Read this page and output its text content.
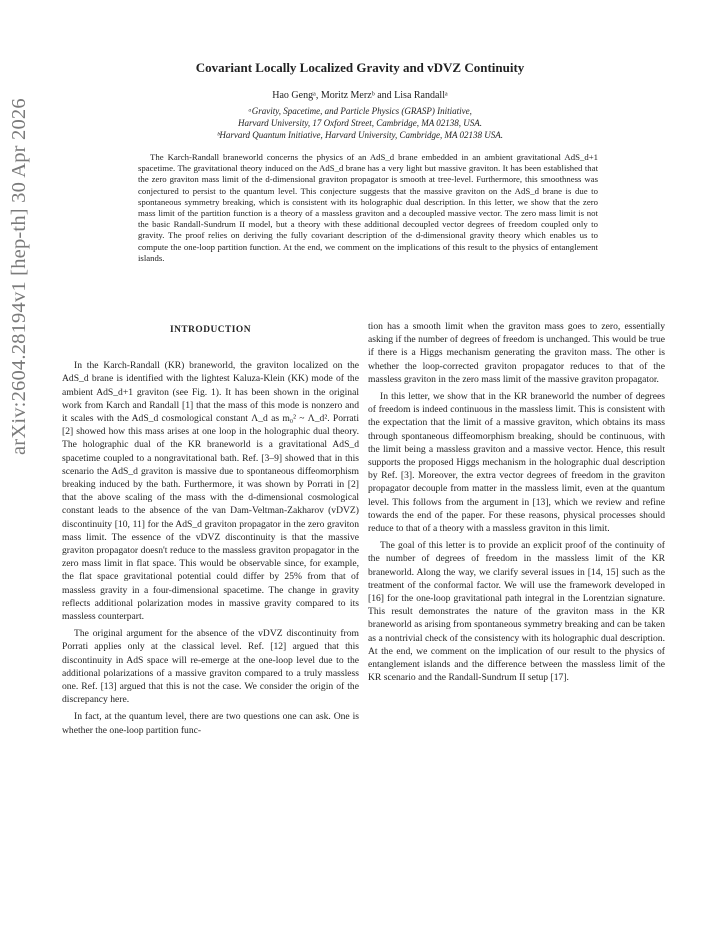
arXiv:2604.28194v1 [hep-th] 30 Apr 2026
Covariant Locally Localized Gravity and vDVZ Continuity
Hao Gengᵃ, Moritz Merzᵇ and Lisa Randallᵃ
ᵃGravity, Spacetime, and Particle Physics (GRASP) Initiative,
Harvard University, 17 Oxford Street, Cambridge, MA 02138, USA.
ᵇHarvard Quantum Initiative, Harvard University, Cambridge, MA 02138 USA.

The Karch-Randall braneworld concerns the physics of an AdS_d brane embedded in an ambient gravitational AdS_d+1 spacetime. The gravitational theory induced on the AdS_d brane has a very light but massive graviton. It has been established that the zero graviton mass limit of the d-dimensional graviton propagator is smooth at tree-level. Furthermore, this smoothness was conjectured to persist to the quantum level. This conjecture suggests that the massive graviton on the AdS_d brane is due to spontaneous symmetry breaking, which is consistent with its holographic dual description. In this letter, we show that the zero mass limit of the partition function is a theory of a massless graviton and a decoupled massive vector. The zero mass limit is not the basic Randall-Sundrum II model, but a theory with these additional decoupled vector degrees of freedom coupled only to gravity. The proof relies on deriving the fully covariant description of the d-dimensional gravity theory which enables us to compute the one-loop partition function. At the end, we comment on the implications of this result to the physics of entanglement islands.

INTRODUCTION

In the Karch-Randall (KR) braneworld, the graviton localized on the AdS_d brane is identified with the lightest Kaluza-Klein (KK) mode of the ambient AdS_d+1 graviton (see Fig. 1). It has been shown in the original work from Karch and Randall [1] that the mass of this mode is nonzero and it scales with the AdS_d cosmological constant Λ_d as m₀² ~ Λ_d². Porrati [2] showed how this mass arises at one loop in the holographic dual theory. The holographic dual of the KR braneworld is a gravitational AdS_d spacetime coupled to a nongravitational bath. Ref. [3–9] showed that in this scenario the AdS_d graviton is massive due to spontaneous diffeomorphism breaking induced by the bath. Furthermore, it was shown by Porrati in [2] that the above scaling of the mass with the d-dimensional cosmological constant leads to the absence of the van Dam-Veltman-Zakharov (vDVZ) discontinuity [10, 11] for the AdS_d graviton propagator in the zero graviton mass limit. The essence of the vDVZ discontinuity is that the massive graviton propagator doesn't reduce to the massless graviton propagator in the zero mass limit in flat space. This would be observable since, for example, the flat space gravitational potential could differ by 25% from that of massless gravity in a four-dimensional spacetime. The change in gravity reflects additional polarization modes in massive gravity compared to its massless counterpart.

The original argument for the absence of the vDVZ discontinuity from Porrati applies only at the classical level. Ref. [12] argued that this discontinuity in AdS space will re-emerge at the one-loop level due to the additional polarizations of a massive graviton compared to a truly massless one. Ref. [13] argued that this is not the case. We consider the origin of the discrepancy here.

In fact, at the quantum level, there are two questions one can ask. One is whether the one-loop partition func-

tion has a smooth limit when the graviton mass goes to zero, essentially asking if the number of degrees of freedom is unchanged. This would be true if there is a Higgs mechanism generating the graviton mass. The other is whether the loop-corrected graviton propagator reduces to that of the massless graviton in the zero mass limit of the massive graviton propagator.

In this letter, we show that in the KR braneworld the number of degrees of freedom is indeed continuous in the massless limit. This is consistent with the expectation that the limit of a massive graviton, which obtains its mass through spontaneous diffeomorphism breaking, should be continuous, with the limit being a massless graviton and a massive vector. Hence, this result supports the proposed Higgs mechanism in the holographic dual description by Ref. [3]. Moreover, the extra vector degrees of freedom in the graviton propagator decouple from matter in the massless limit, even at the quantum level. This follows from the argument in [13], which we review and refine towards the end of the paper. For these reasons, physical processes should reduce to that of a theory with a massless graviton in this limit.

The goal of this letter is to provide an explicit proof of the continuity of the number of degrees of freedom in the massless limit of the KR braneworld. Along the way, we clarify several issues in [14, 15] such as the treatment of the conformal factor. We will use the framework developed in [16] for the one-loop gravitational path integral in the Lorentzian signature. This result demonstrates the nature of the graviton mass in the KR braneworld as arising from spontaneous symmetry breaking and can be taken as a nontrivial check of the consistency with its holographic dual description. At the end, we comment on the implication of our result to the physics of entanglement islands and the difference between the massless limit of the KR scenario and the Randall-Sundrum II setup [17].
